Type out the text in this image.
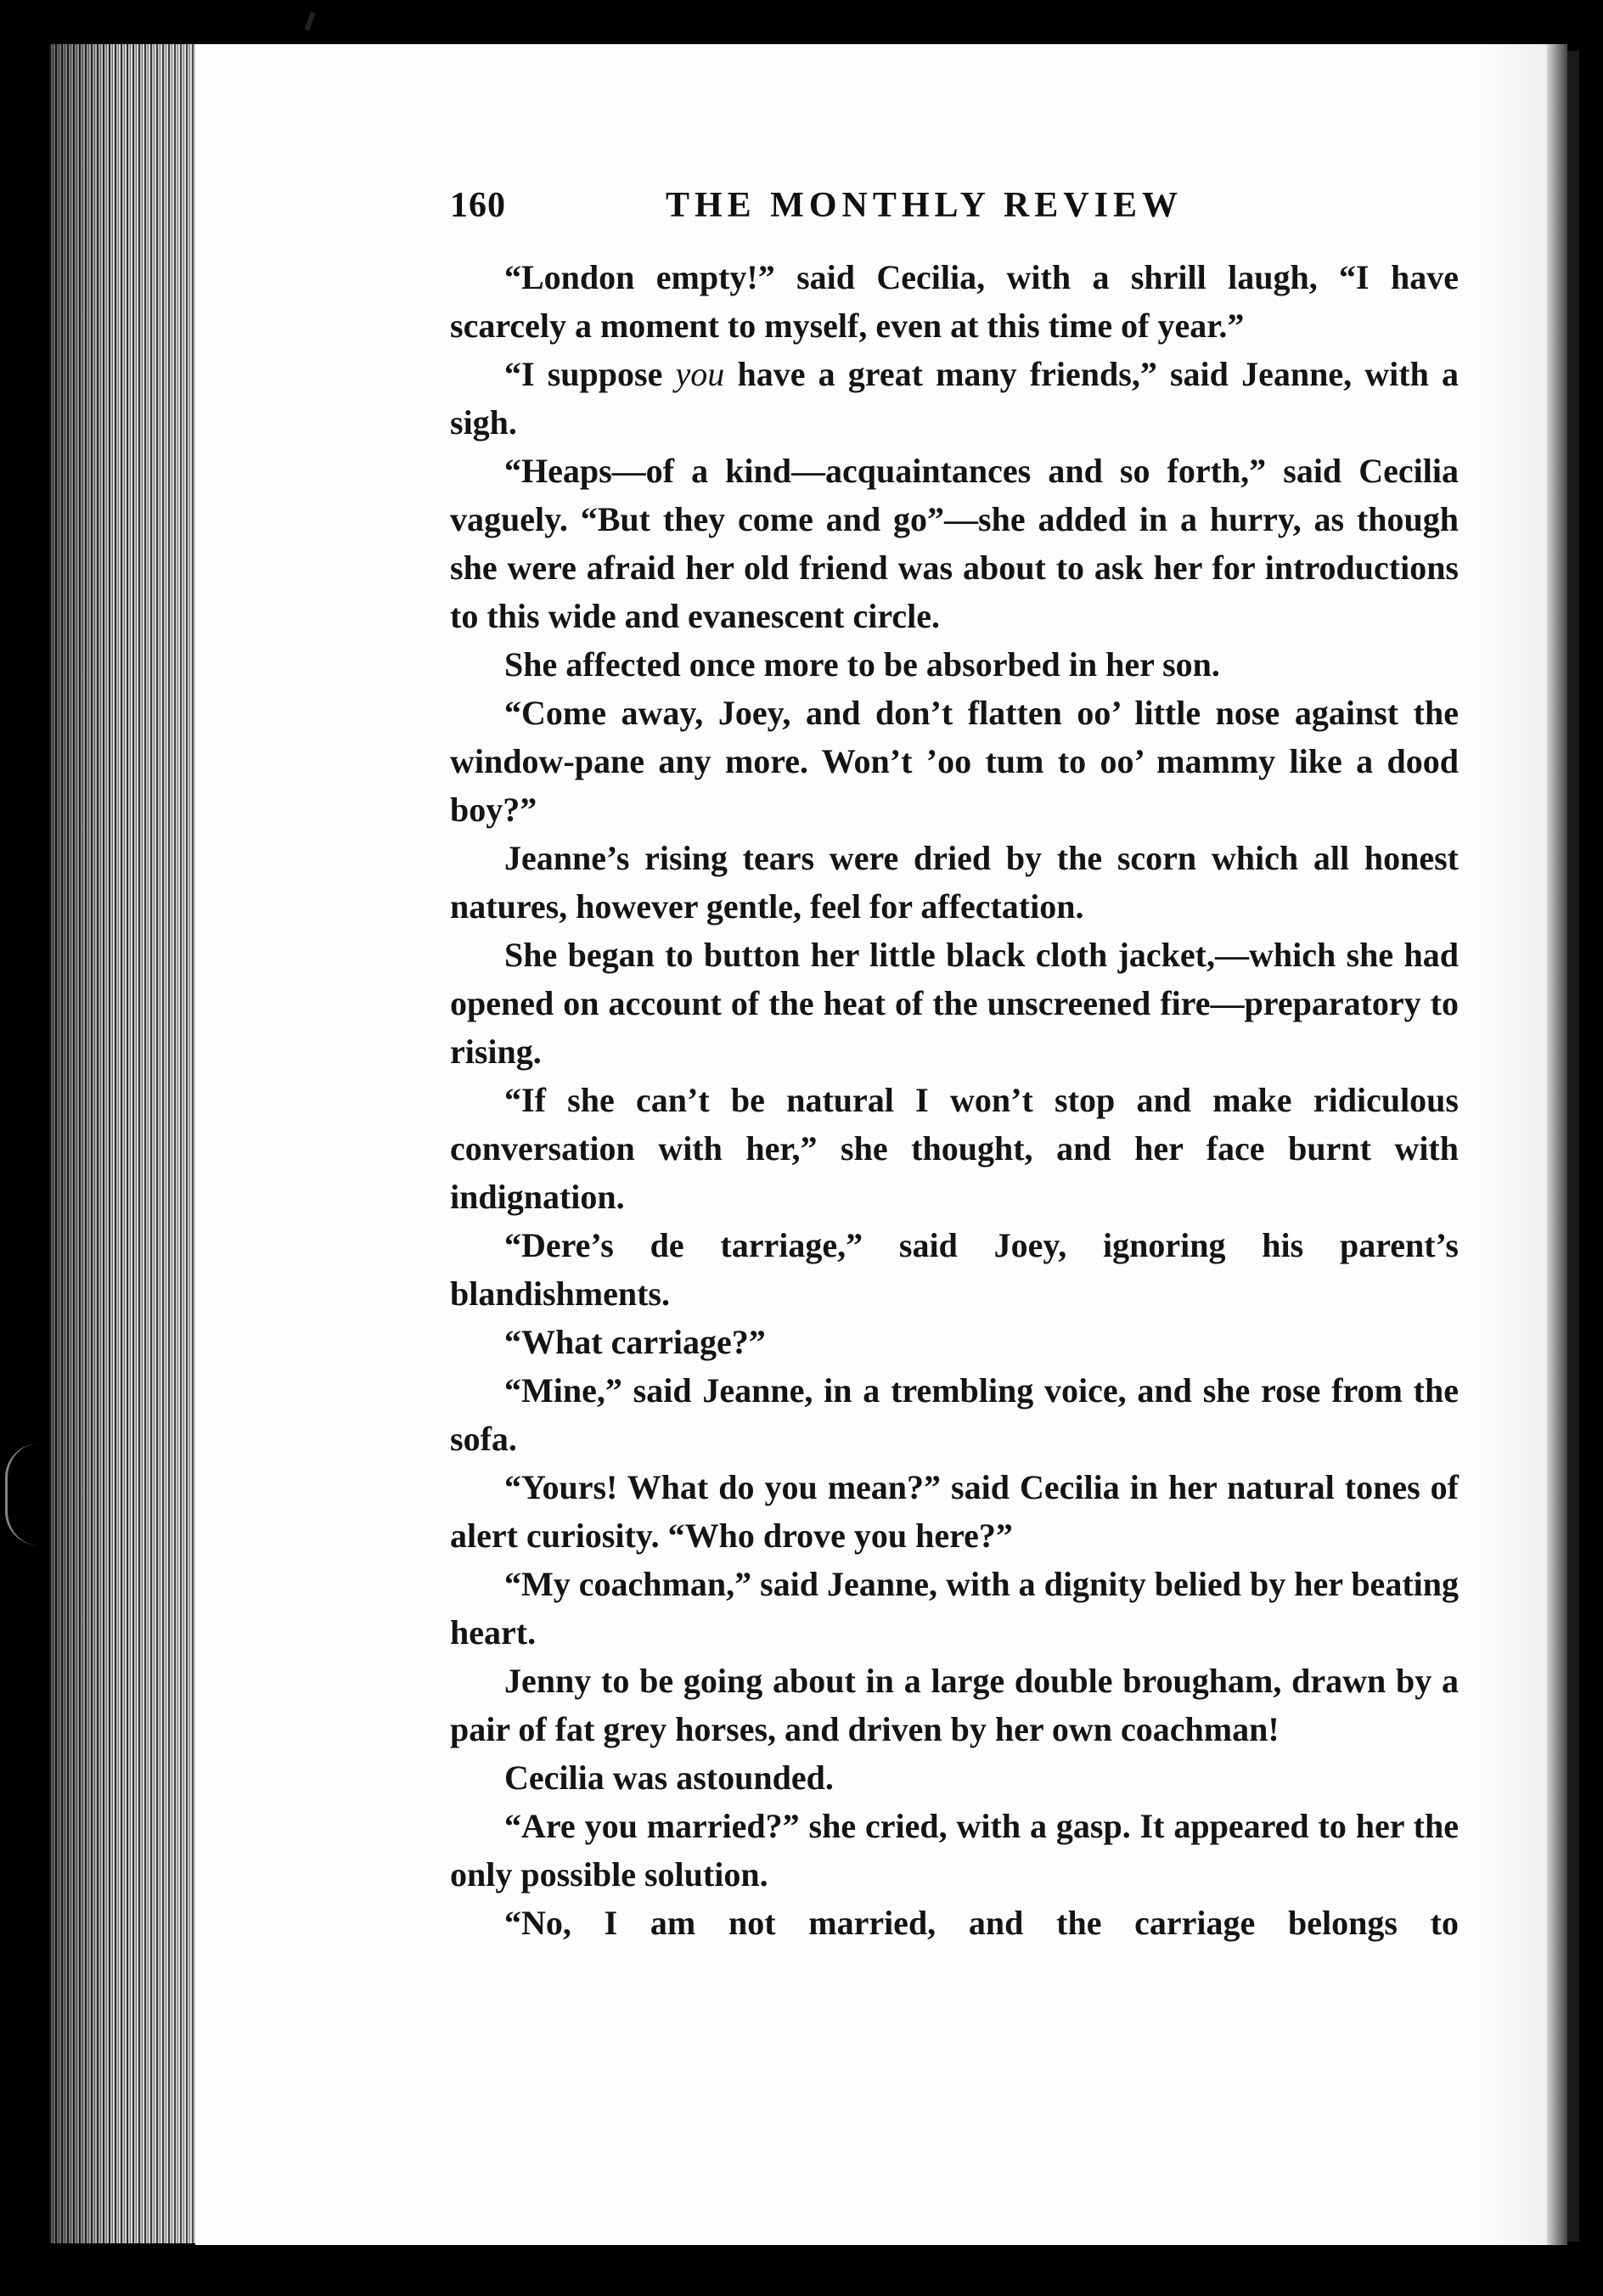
160	THE MONTHLY REVIEW

“London empty!” said Cecilia, with a shrill laugh, “I have scarcely a moment to myself, even at this time of year.”

“I suppose you have a great many friends,” said Jeanne, with a sigh.

“Heaps—of a kind—acquaintances and so forth,” said Cecilia vaguely. “But they come and go”—she added in a hurry, as though she were afraid her old friend was about to ask her for introductions to this wide and evanescent circle.

She affected once more to be absorbed in her son.

“Come away, Joey, and don’t flatten oo’ little nose against the window-pane any more. Won’t ’oo tum to oo’ mammy like a dood boy?”

Jeanne’s rising tears were dried by the scorn which all honest natures, however gentle, feel for affectation.

She began to button her little black cloth jacket,—which she had opened on account of the heat of the unscreened fire—preparatory to rising.

“If she can’t be natural I won’t stop and make ridiculous conversation with her,” she thought, and her face burnt with indignation.

“Dere’s de tarriage,” said Joey, ignoring his parent’s blandishments.

“What carriage?”

“Mine,” said Jeanne, in a trembling voice, and she rose from the sofa.

“Yours! What do you mean?” said Cecilia in her natural tones of alert curiosity. “Who drove you here?”

“My coachman,” said Jeanne, with a dignity belied by her beating heart.

Jenny to be going about in a large double brougham, drawn by a pair of fat grey horses, and driven by her own coachman!

Cecilia was astounded.

“Are you married?” she cried, with a gasp. It appeared to her the only possible solution.

“No, I am not married, and the carriage belongs to
